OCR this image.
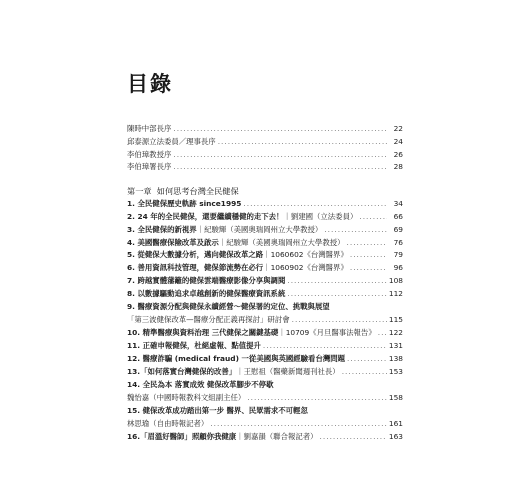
目錄
陳時中部長序 .....	22
邱泰源立法委員／理事長序 .....	24
李伯璋教授序 .....	26
李伯璋署長序 .....	28
第一章 如何思考台灣全民健保
1. 全民健保歷史軌跡 since1995 .....	34
2. 24 年的全民健保，還要繼續穩健的走下去！｜劉建國（立法委員） .....	66
3. 全民健保的新視界｜紀駿輝（美國奧瑞岡州立大學教授） .....	69
4. 美國醫療保險改革及啟示｜紀駿輝（美國奧瑞岡州立大學教授） .....	76
5. 從健保大數據分析，邁向健保改革之路｜1060602《台灣醫界》 .....	79
6. 善用資訊科技管理，健保節流勢在必行｜1060902《台灣醫界》 .....	96
7. 跨越實體藩籬的健保雲端醫療影像分享與調閱 .....	108
8. 以數據驅動追求卓越創新的健保醫療資訊系統 .....	112
9. 醫療資源分配與健保永續經營～健保署的定位、挑戰與展望
「第三波健保改革—醫療分配正義再探討」研討會 .....	115
10. 精準醫療與資料治理 三代健保之關鍵基礎｜10709《月旦醫事法報告》 ..... 122
11. 正確申報健保，杜絕虛報、點值提升 .....	131
12. 醫療詐騙 (medical fraud) 一從美國與英國經驗看台灣問題 .....	138
13.「如何落實台灣健保的改善」｜王慰祖（醫藥新聞週刊社長） .....	153
14. 全民為本 落實成效 健保改革腳步不停歇
魏怡嘉（中國時報教科文組副主任） .....	158
15. 健保改革成功踏出第一步 醫界、民眾需求不可輕忽
林思瑜（自由時報記者） .....	161
16.「眉溫好醫師」照顧你我健康｜劉嘉韻（聯合報記者） .....	163
